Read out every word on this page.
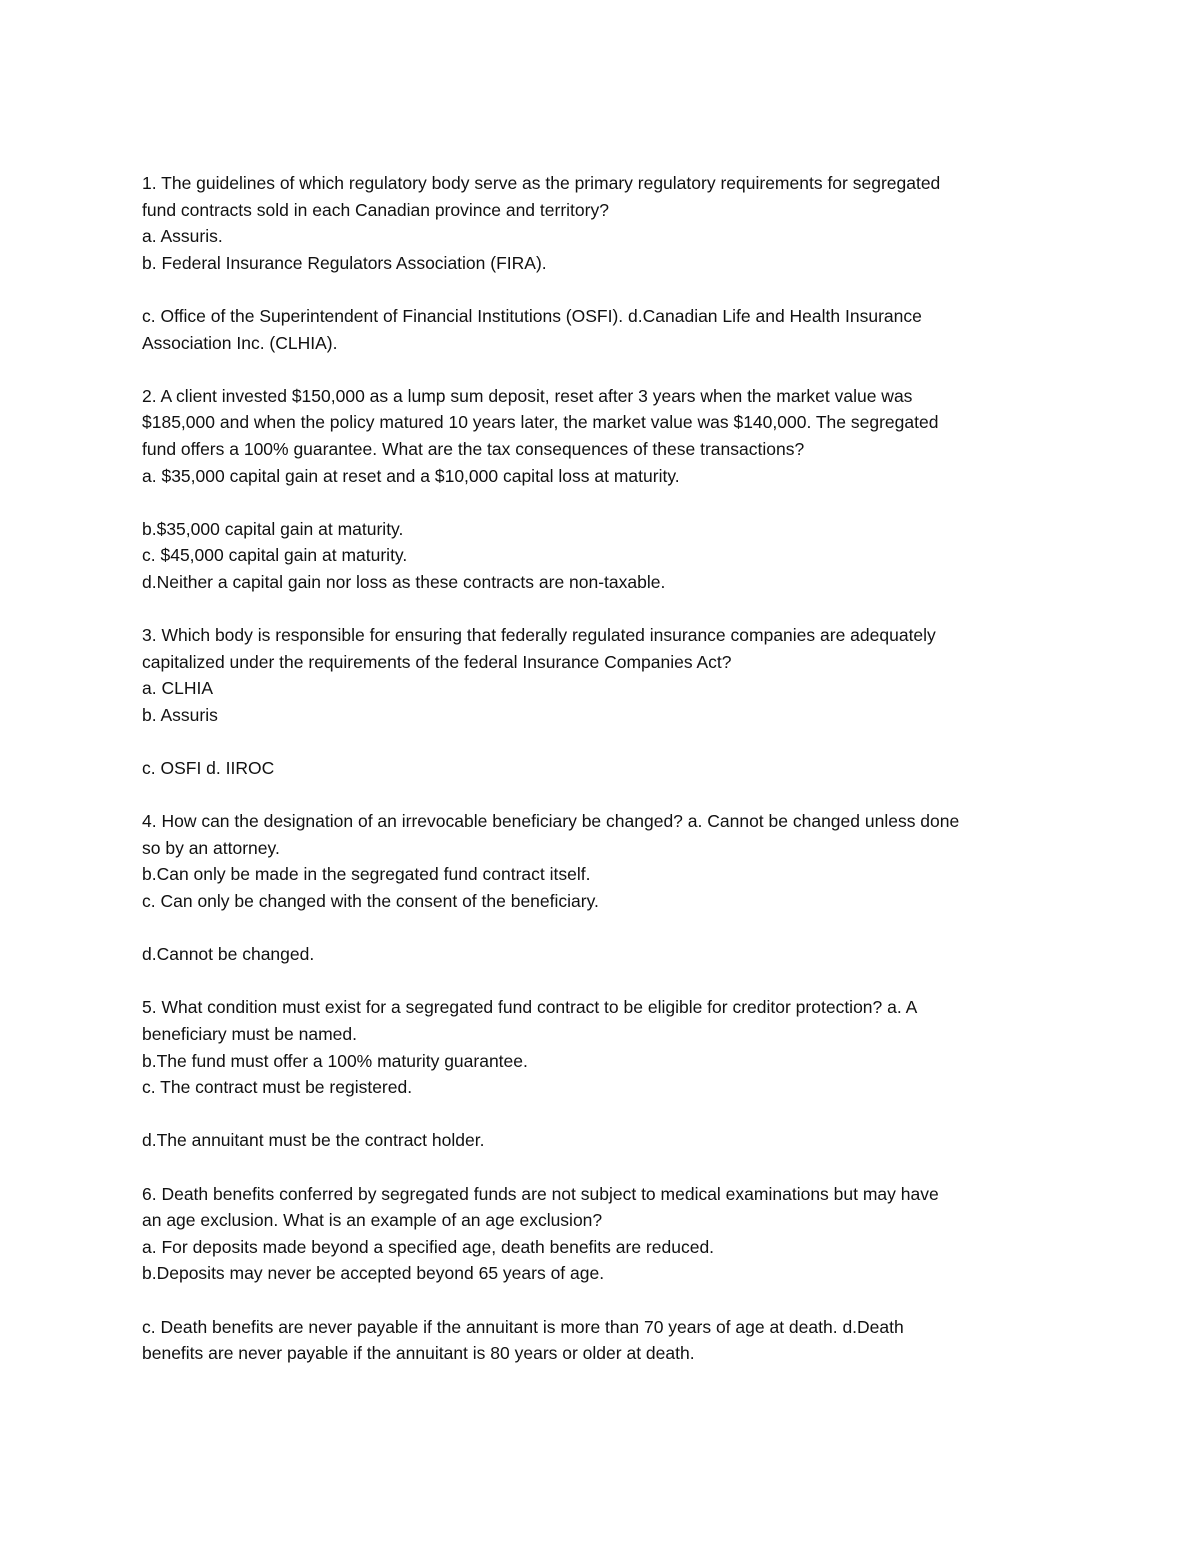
1. The guidelines of which regulatory body serve as the primary regulatory requirements for segregated
fund contracts sold in each Canadian province and territory?
a. Assuris.
b. Federal Insurance Regulators Association (FIRA).
c. Office of the Superintendent of Financial Institutions (OSFI). d.Canadian Life and Health Insurance
Association Inc. (CLHIA).
2. A client invested $150,000 as a lump sum deposit, reset after 3 years when the market value was
$185,000 and when the policy matured 10 years later, the market value was $140,000. The segregated
fund offers a 100% guarantee. What are the tax consequences of these transactions?
a. $35,000 capital gain at reset and a $10,000 capital loss at maturity.
b.$35,000 capital gain at maturity.
c. $45,000 capital gain at maturity.
d.Neither a capital gain nor loss as these contracts are non-taxable.
3. Which body is responsible for ensuring that federally regulated insurance companies are adequately
capitalized under the requirements of the federal Insurance Companies Act?
a. CLHIA
b. Assuris
c. OSFI d. IIROC
4. How can the designation of an irrevocable beneficiary be changed? a. Cannot be changed unless done
so by an attorney.
b.Can only be made in the segregated fund contract itself.
c. Can only be changed with the consent of the beneficiary.
d.Cannot be changed.
5. What condition must exist for a segregated fund contract to be eligible for creditor protection? a. A
beneficiary must be named.
b.The fund must offer a 100% maturity guarantee.
c. The contract must be registered.
d.The annuitant must be the contract holder.
6. Death benefits conferred by segregated funds are not subject to medical examinations but may have
an age exclusion. What is an example of an age exclusion?
a. For deposits made beyond a specified age, death benefits are reduced.
b.Deposits may never be accepted beyond 65 years of age.
c. Death benefits are never payable if the annuitant is more than 70 years of age at death. d.Death
benefits are never payable if the annuitant is 80 years or older at death.
